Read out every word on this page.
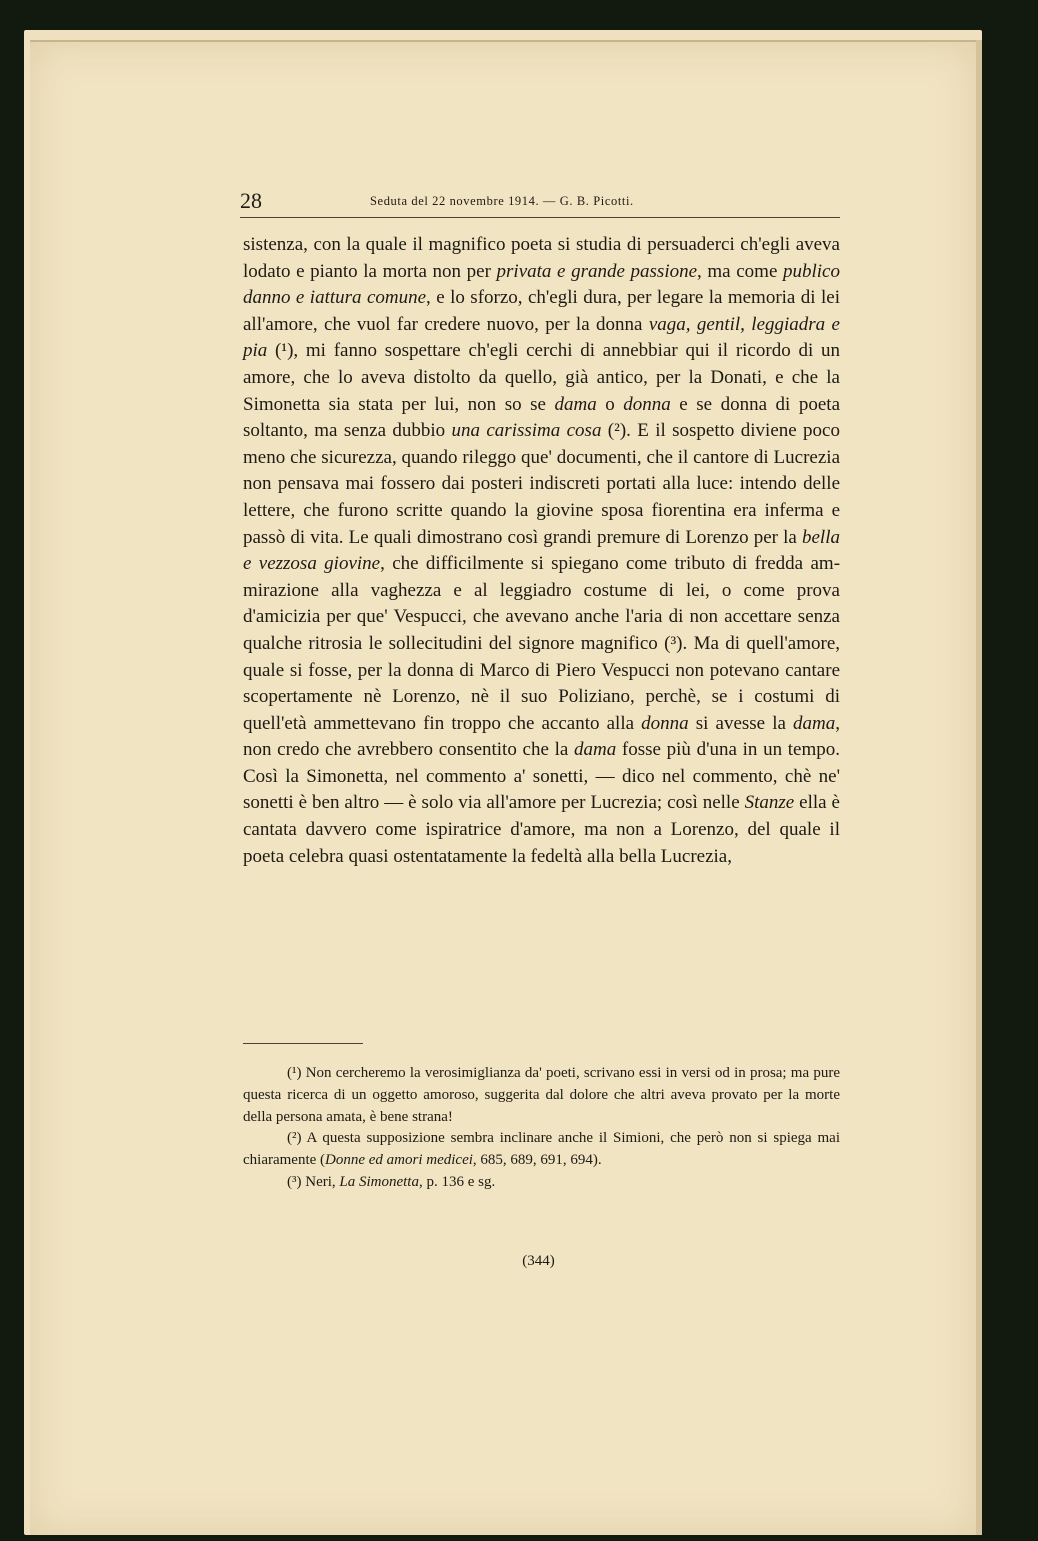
28	Seduta del 22 novembre 1914. — G. B. Picotti.

sistenza, con la quale il magnifico poeta si studia di persuaderci ch'egli aveva lodato e pianto la morta non per privata e grande passione, ma come publico danno e iattura comune, e lo sforzo, ch'egli dura, per legare la memoria di lei all'amore, che vuol far credere nuovo, per la donna vaga, gentil, leggiadra e pia (¹), mi fanno sospettare ch'egli cerchi di annebbiar qui il ricordo di un amore, che lo aveva distolto da quello, già antico, per la Donati, e che la Simonetta sia stata per lui, non so se dama o donna e se donna di poeta soltanto, ma senza dubbio una carissima cosa (²). E il sospetto diviene poco meno che sicurezza, quando rileggo que' documenti, che il cantore di Lucrezia non pensava mai fossero dai posteri indiscreti portati alla luce: intendo delle lettere, che furono scritte quando la giovine sposa fiorentina era inferma e passò di vita. Le quali dimostrano così grandi premure di Lorenzo per la bella e vezzosa giovine, che difficilmente si spiegano come tributo di fredda ammirazione alla vaghezza e al leggiadro costume di lei, o come prova d'amicizia per que' Vespucci, che avevano anche l'aria di non accettare senza qualche ritrosia le sollecitudini del signore magnifico (³). Ma di quell'amore, quale si fosse, per la donna di Marco di Piero Vespucci non potevano cantare scopertamente nè Lorenzo, nè il suo Poliziano, perchè, se i costumi di quell'età ammettevano fin troppo che accanto alla donna si avesse la dama, non credo che avrebbero consentito che la dama fosse più d'una in un tempo. Così la Simonetta, nel commento a' sonetti, — dico nel commento, chè ne' sonetti è ben altro — è solo via all'amore per Lucrezia; così nelle Stanze ella è cantata davvero come ispiratrice d'amore, ma non a Lorenzo, del quale il poeta celebra quasi ostentatamente la fedeltà alla bella Lucrezia,

(¹) Non cercheremo la verosimiglianza da' poeti, scrivano essi in versi od in prosa; ma pure questa ricerca di un oggetto amoroso, suggerita dal dolore che altri aveva provato per la morte della persona amata, è bene strana!

(²) A questa supposizione sembra inclinare anche il Simioni, che però non si spiega mai chiaramente (Donne ed amori medicei, 685, 689, 691, 694).

(³) Neri, La Simonetta, p. 136 e sg.

(344)
